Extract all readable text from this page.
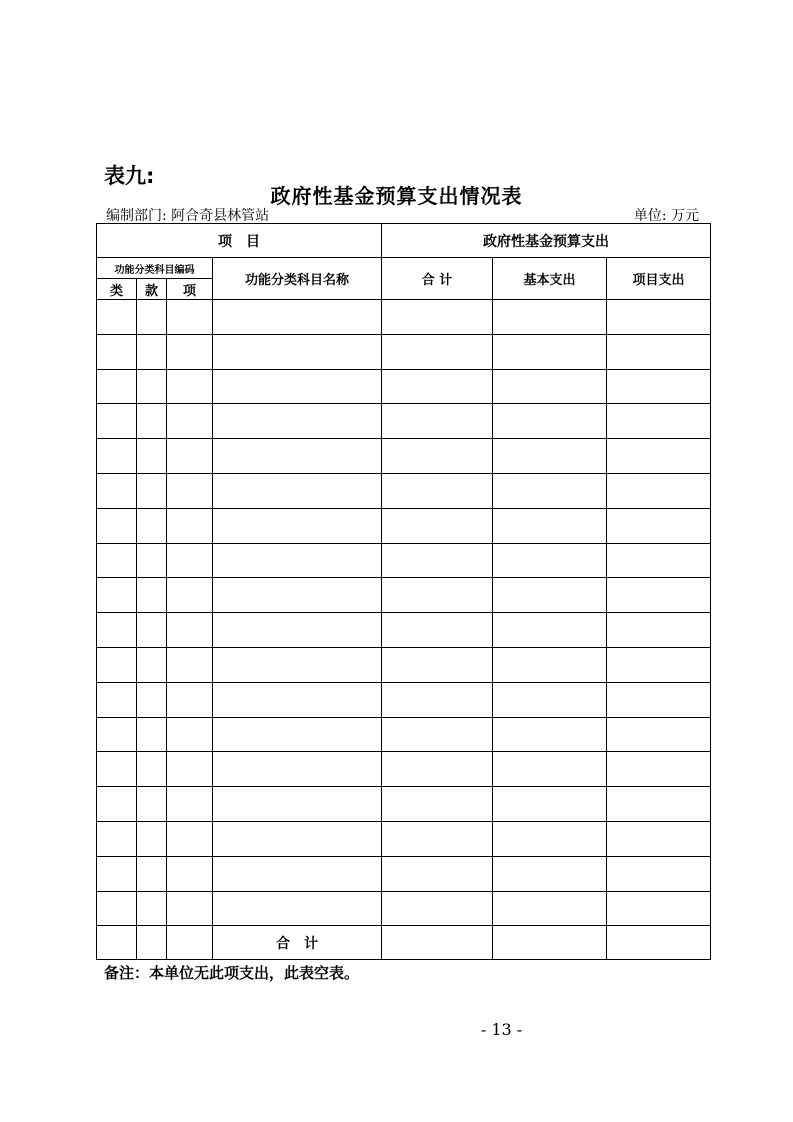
表九:
政府性基金预算支出情况表
编制部门: 阿合奇县林管站	单位: 万元
项　目				政府性基金预算支出		
功能分类科目编码			功能分类科目名称	合 计	基本支出	项目支出
类	款	项				

			合　计			
备注：本单位无此项支出，此表空表。
- 13 -
